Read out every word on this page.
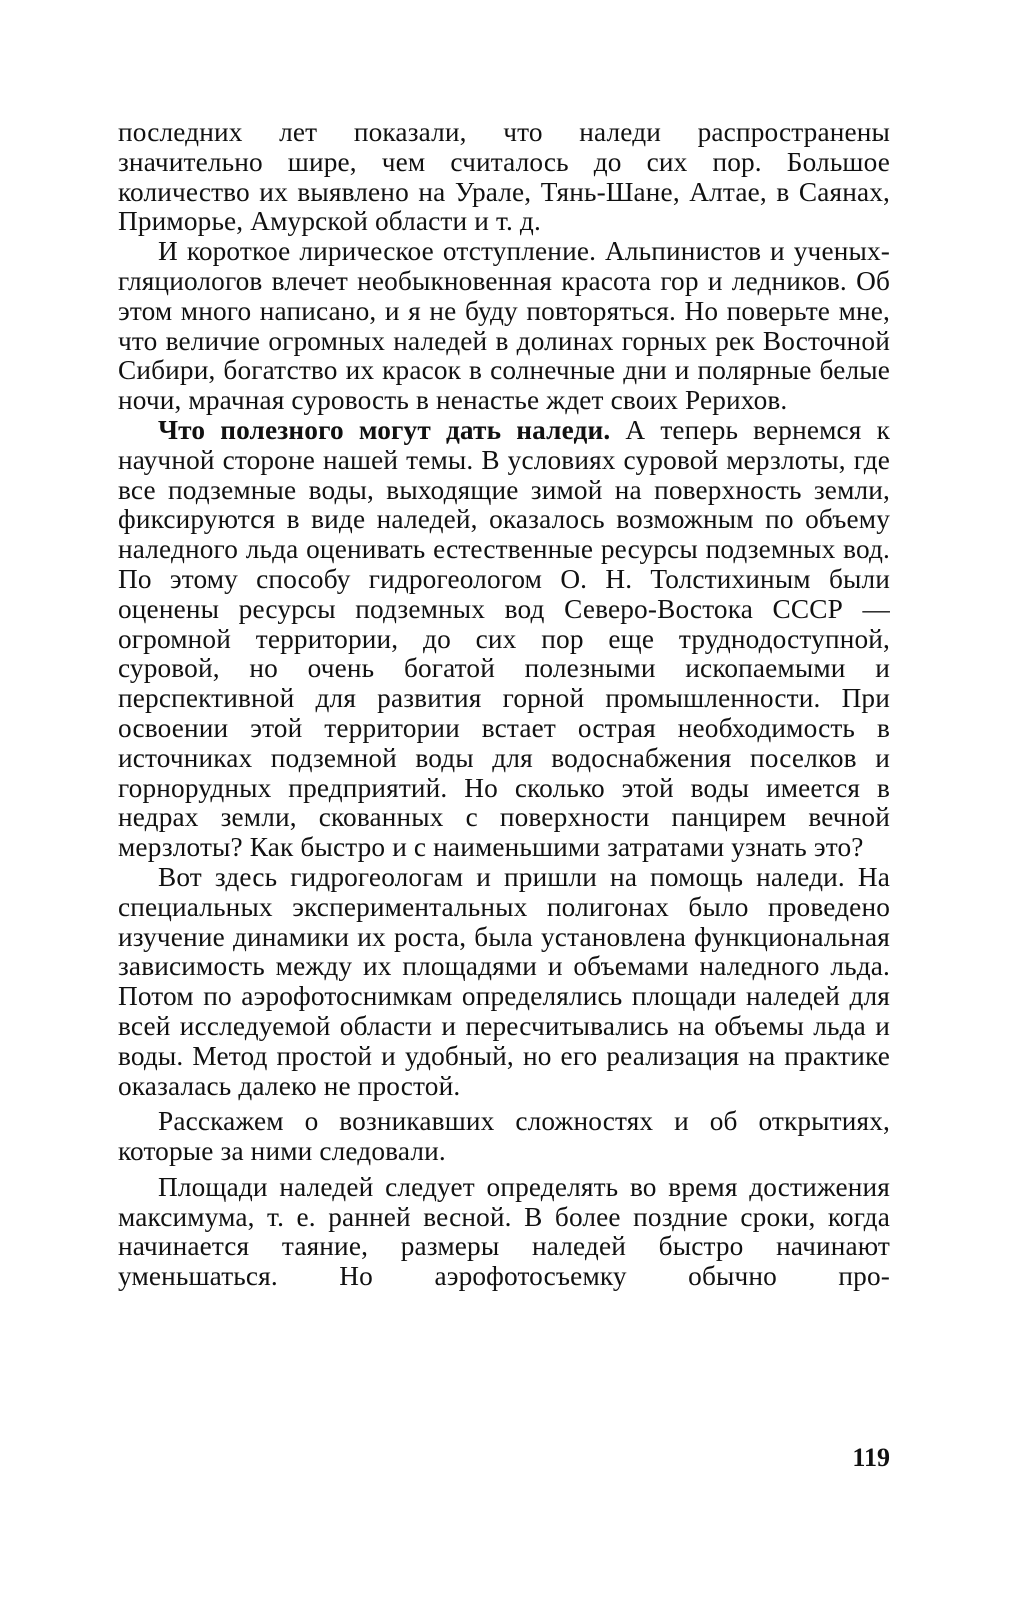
последних лет показали, что наледи распространены значительно шире, чем считалось до сих пор. Большое количество их выявлено на Урале, Тянь-Шане, Алтае, в Саянах, Приморье, Амурской области и т. д.

И короткое лирическое отступление. Альпинистов и ученых-гляциологов влечет необыкновенная красота гор и ледников. Об этом много написано, и я не буду повторяться. Но поверьте мне, что величие огромных наледей в долинах горных рек Восточной Сибири, богатство их красок в солнечные дни и полярные белые ночи, мрачная суровость в ненастье ждет своих Рерихов.

Что полезного могут дать наледи. А теперь вернемся к научной стороне нашей темы. В условиях суровой мерзлоты, где все подземные воды, выходящие зимой на поверхность земли, фиксируются в виде наледей, оказалось возможным по объему наледного льда оценивать естественные ресурсы подземных вод. По этому способу гидрогеологом О. Н. Толстихиным были оценены ресурсы подземных вод Северо-Востока СССР — огромной территории, до сих пор еще труднодоступной, суровой, но очень богатой полезными ископаемыми и перспективной для развития горной промышленности. При освоении этой территории встает острая необходимость в источниках подземной воды для водоснабжения поселков и горнорудных предприятий. Но сколько этой воды имеется в недрах земли, скованных с поверхности панцирем вечной мерзлоты? Как быстро и с наименьшими затратами узнать это?

Вот здесь гидрогеологам и пришли на помощь наледи. На специальных экспериментальных полигонах было проведено изучение динамики их роста, была установлена функциональная зависимость между их площадями и объемами наледного льда. Потом по аэрофотоснимкам определялись площади наледей для всей исследуемой области и пересчитывались на объемы льда и воды. Метод простой и удобный, но его реализация на практике оказалась далеко не простой.

Расскажем о возникавших сложностях и об открытиях, которые за ними следовали.

Площади наледей следует определять во время достижения максимума, т. е. ранней весной. В более поздние сроки, когда начинается таяние, размеры наледей быстро начинают уменьшаться. Но аэрофотосъемку обычно про-

119
